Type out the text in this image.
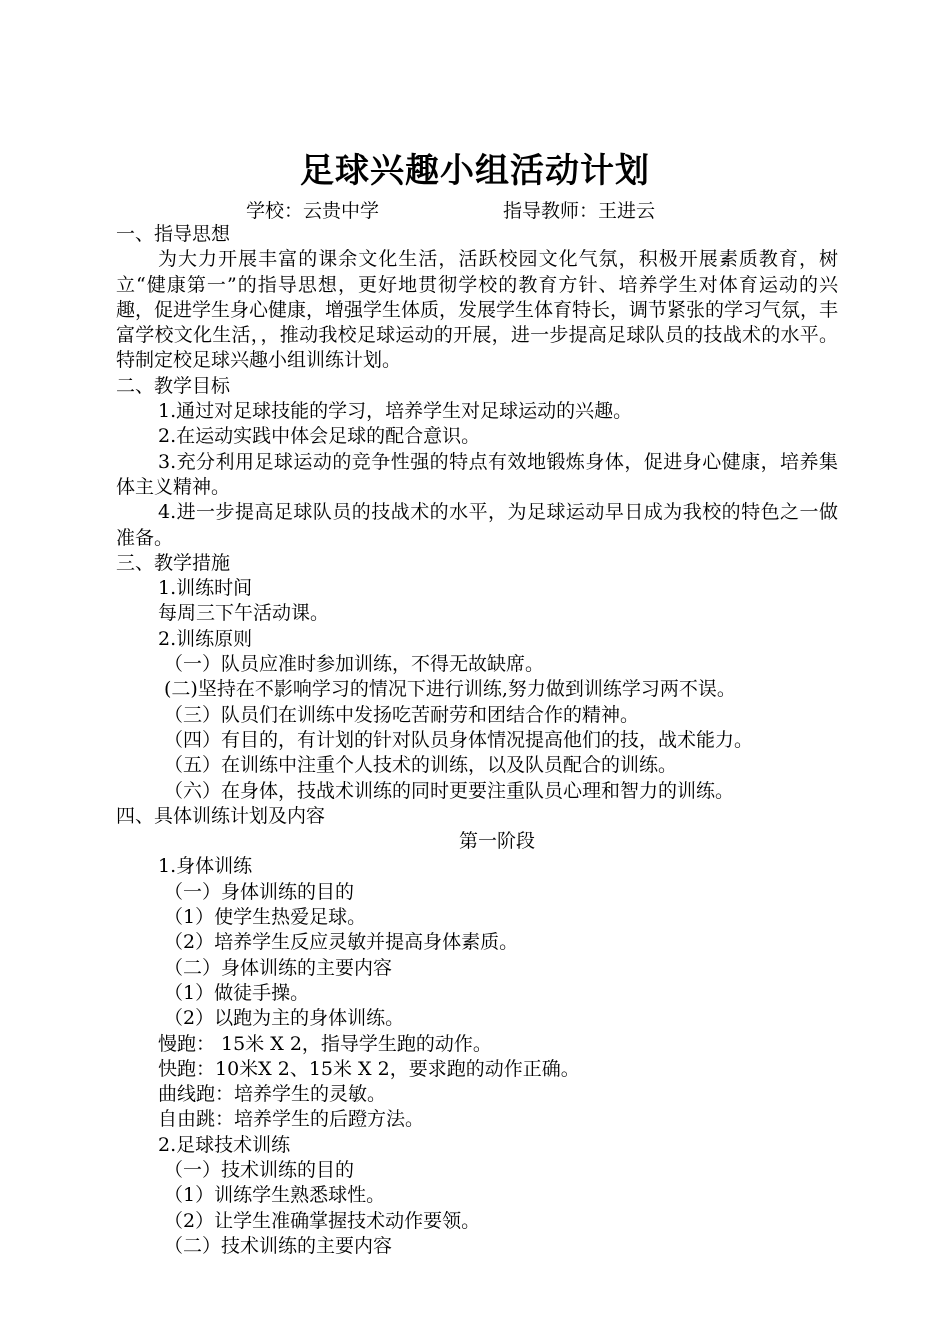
足球兴趣小组活动计划
学校：云贵中学	指导教师：王进云
一、指导思想
为大力开展丰富的课余文化生活，活跃校园文化气氛，积极开展素质教育，树立“健康第一”的指导思想，更好地贯彻学校的教育方针、培养学生对体育运动的兴趣，促进学生身心健康，增强学生体质，发展学生体育特长，调节紧张的学习气氛，丰富学校文化生活，，推动我校足球运动的开展，进一步提高足球队员的技战术的水平。特制定校足球兴趣小组训练计划。
二、教学目标
1.通过对足球技能的学习，培养学生对足球运动的兴趣。
2.在运动实践中体会足球的配合意识。
3.充分利用足球运动的竞争性强的特点有效地锻炼身体，促进身心健康，培养集体主义精神。
4.进一步提高足球队员的技战术的水平，为足球运动早日成为我校的特色之一做准备。
三、教学措施
1.训练时间
每周三下午活动课。
2.训练原则
（一）队员应准时参加训练，不得无故缺席。
(二)坚持在不影响学习的情况下进行训练,努力做到训练学习两不误。
（三）队员们在训练中发扬吃苦耐劳和团结合作的精神。
（四）有目的，有计划的针对队员身体情况提高他们的技，战术能力。
（五）在训练中注重个人技术的训练，以及队员配合的训练。
（六）在身体，技战术训练的同时更要注重队员心理和智力的训练。
四、具体训练计划及内容
第一阶段
1.身体训练
（一）身体训练的目的
（1）使学生热爱足球。
（2）培养学生反应灵敏并提高身体素质。
（二）身体训练的主要内容
（1）做徒手操。
（2）以跑为主的身体训练。
慢跑： 15米 X 2，指导学生跑的动作。
快跑：10米X 2、15米 X 2，要求跑的动作正确。
曲线跑：培养学生的灵敏。
自由跳：培养学生的后蹬方法。
2.足球技术训练
（一）技术训练的目的
（1）训练学生熟悉球性。
（2）让学生准确掌握技术动作要领。
（二）技术训练的主要内容
